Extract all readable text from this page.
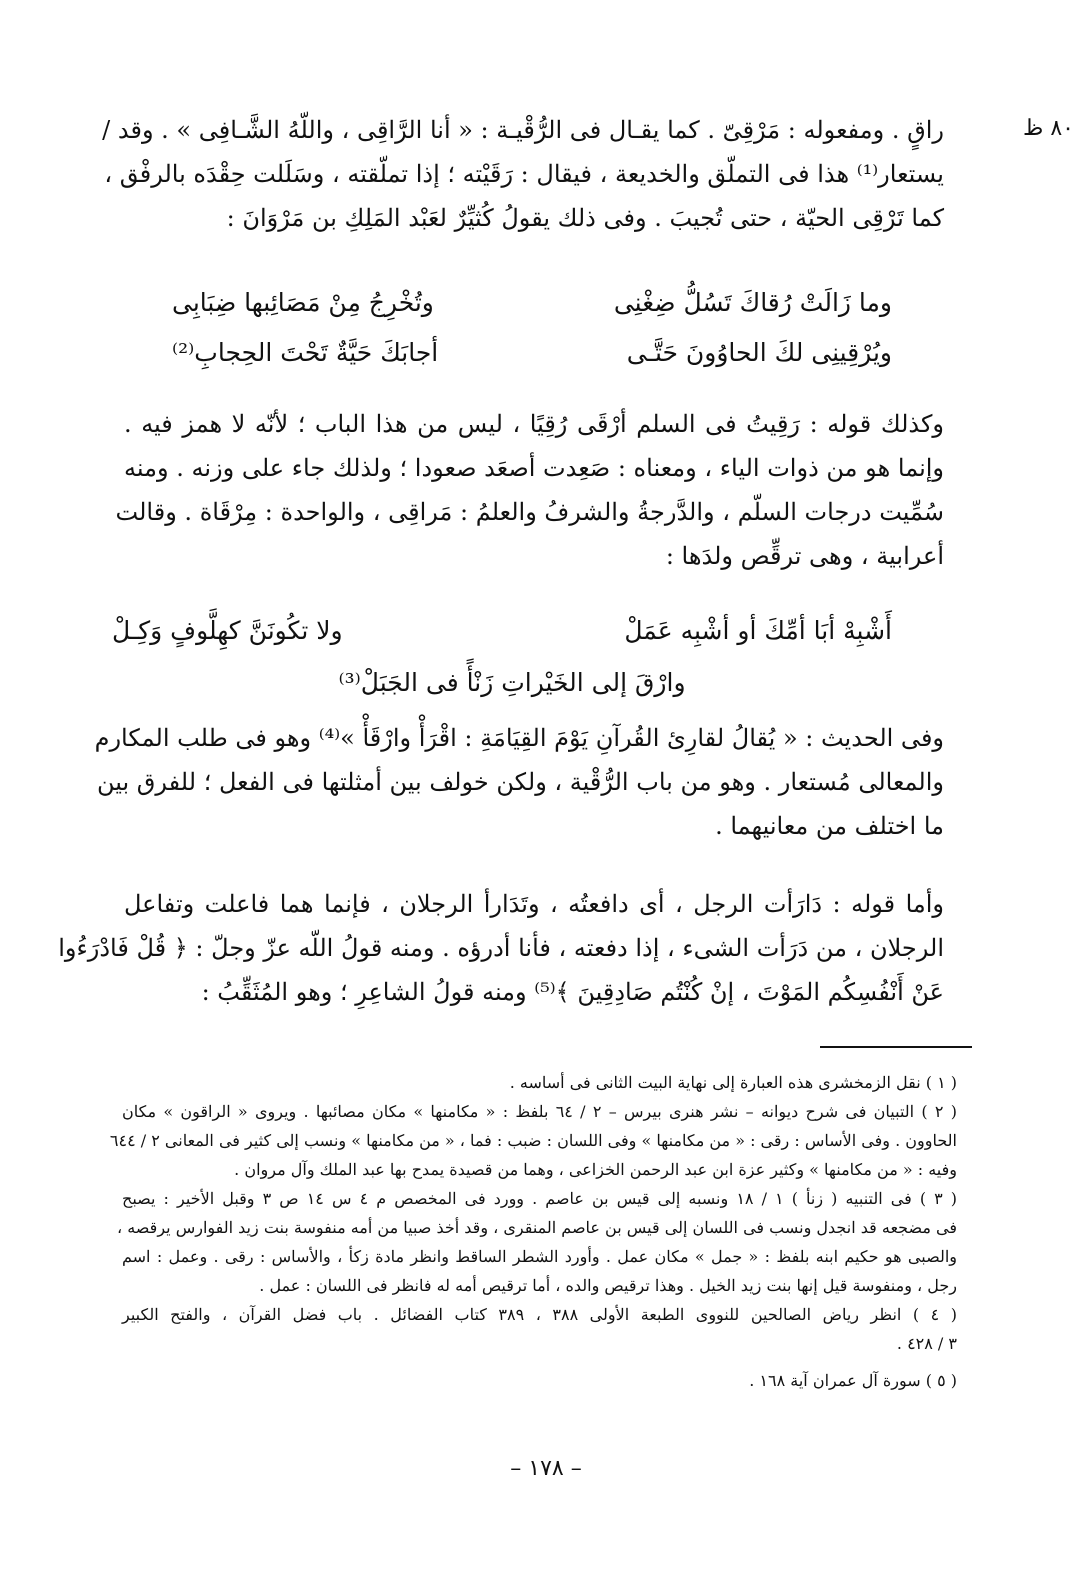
٨٠ ظ
راقٍ . ومفعوله : مَرْقِىّ . كما يقـال فى الرُّقْيـة : « أنا الرَّاقِى ، واللّهُ الشَّـافِى » . وقد /
يستعار⁽¹⁾ هذا فى التملّق والخديعة ، فيقال : رَقَيْته ؛ إذا تملّقته ، وسَلَلت حِقْدَه بالرفْق ،
كما تَرْقِى الحيّة ، حتى تُجيبَ . وفى ذلك يقولُ كُثيِّرٌ لعَبْد المَلِكِ بن مَرْوَانَ :
وما زَالَتْ رُقاكَ تَسُلُّ ضِغْنِى
وتُخْرِجُ مِنْ مَصَائِبها ضِبَابِى
ويُرْقِينِى لكَ الحاوُونَ حَتَّـى
أجابَكَ حَيَّةٌ تَحْتَ الحِجابِ⁽²⁾
وكذلك قوله : رَقِيتُ فى السلم أرْقَى رُقِيًا ، ليس من هذا الباب ؛ لأنّه لا همز فيه .
وإنما هو من ذوات الياء ، ومعناه : صَعِدت أصعَد صعودا ؛ ولذلك جاء على وزنه . ومنه
سُمِّيت درجات السلّم ، والدَّرجةُ والشرفُ والعلمُ : مَراقِى ، والواحدة : مِرْقَاة . وقالت
أعرابية ، وهى ترقِّص ولدَها :
أَشْبِهْ أبَا أمِّكَ أو أشْبِه عَمَلْ
ولا تكُونَنَّ كهِلَّوفٍ وَكِـلْ
وارْقَ إلى الخَيْراتِ زَنْأً فى الجَبَلْ⁽³⁾
وفى الحديث : « يُقالُ لقارِئ القُرآنِ يَوْمَ القِيَامَةِ : اقْرَأْ وارْقَأْ »⁽⁴⁾ وهو فى طلب المكارم
والمعالى مُستعار . وهو من باب الرُّقْية ، ولكن خولف بين أمثلتها فى الفعل ؛ للفرق بين
ما اختلف من معانيهما .
وأما قوله : دَارَأت الرجل ، أى دافعتُه ، وتَدَارأ الرجلان ، فإنما هما فاعلت وتفاعل
الرجلان ، من دَرَأت الشىء ، إذا دفعته ، فأنا أدرؤه . ومنه قولُ اللّه عزّ وجلّ : ﴿ قُلْ فَادْرَءُوا
عَنْ أَنْفُسِكُم المَوْتَ ، إنْ كُنْتُم صَادِقِينَ ﴾⁽⁵⁾ ومنه قولُ الشاعِرِ ؛ وهو المُثَقِّبُ :
( ١ ) نقل الزمخشرى هذه العبارة إلى نهاية البيت الثانى فى أساسه .
( ٢ ) التبيان فى شرح ديوانه – نشر هنرى بيرس – ٢ / ٦٤ بلفظ : « مكامنها » مكان مصائبها . ويروى « الراقون » مكان
الحاوون . وفى الأساس : رقى : « من مكامنها » وفى اللسان : ضبب : فما ، « من مكامنها » ونسب إلى كثير فى المعانى ٢ / ٦٤٤
وفيه : « من مكامنها » وكثير عزة ابن عبد الرحمن الخزاعى ، وهما من قصيدة يمدح بها عبد الملك وآل مروان .
( ٣ ) فى التنبيه ( زنأ ) ١ / ١٨ ونسبه إلى قيس بن عاصم . وورد فى المخصص م ٤ س ١٤ ص ٣ وقبل الأخير : يصبح
فى مضجعه قد انجدل ونسب فى اللسان إلى قيس بن عاصم المنقرى ، وقد أخذ صبيا من أمه منفوسة بنت زيد الفوارس يرقصه ،
والصبى هو حكيم ابنه بلفظ : « جمل » مكان عمل . وأورد الشطر الساقط وانظر مادة زكأ ، والأساس : رقى . وعمل : اسم
رجل ، ومنفوسة قيل إنها بنت زيد الخيل . وهذا ترقيص والده ، أما ترقيص أمه له فانظر فى اللسان : عمل .
( ٤ ) انظر رياض الصالحين للنووى الطبعة الأولى ٣٨٨ ، ٣٨٩ كتاب الفضائل . باب فضل القرآن ، والفتح الكبير
٣ / ٤٢٨ .
( ٥ ) سورة آل عمران آية ١٦٨ .
– ١٧٨ –
